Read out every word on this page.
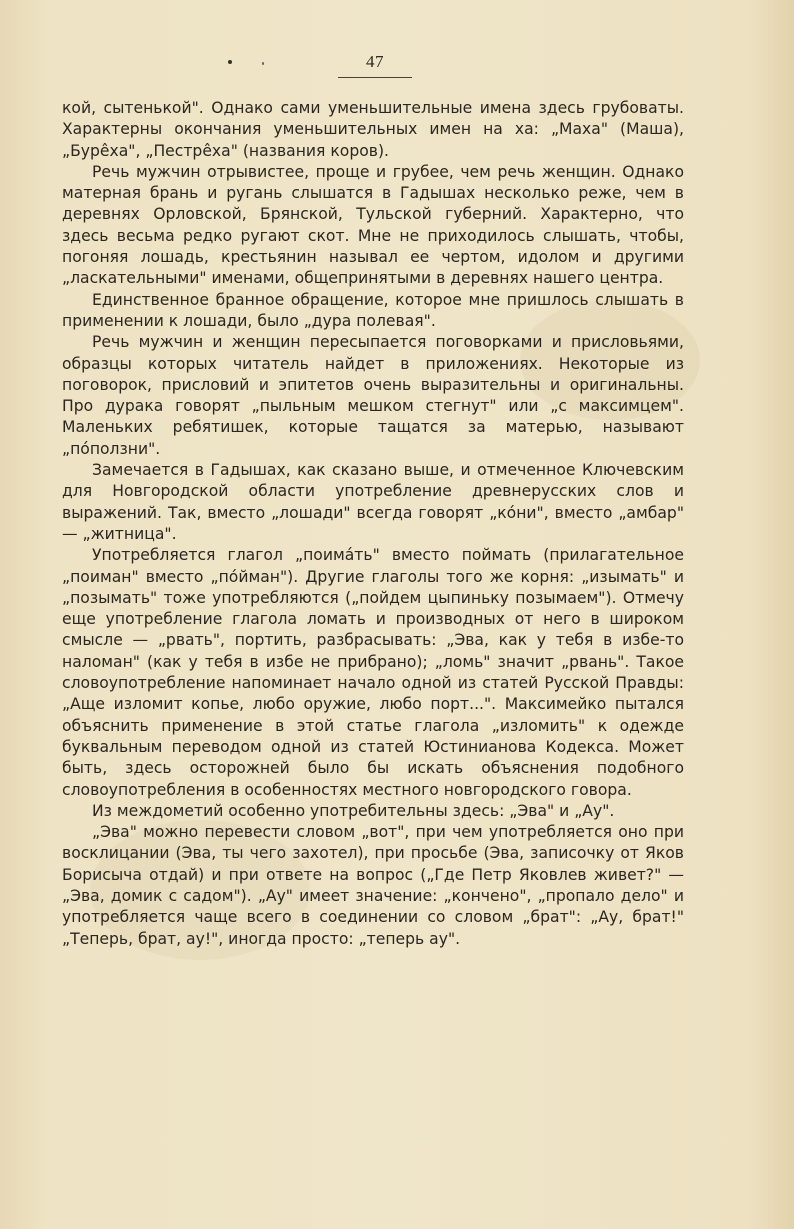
47

кой, сытенькой". Однако сами уменьшительные имена здесь грубоваты. Характерны окончания уменьшительных имен на ха: „Маха" (Маша), „Буре̂ха", „Пестре̂ха" (названия коров).

Речь мужчин отрывистее, проще и грубее, чем речь женщин. Однако матерная брань и ругань слышатся в Гадышах несколько реже, чем в деревнях Орловской, Брянской, Тульской губерний. Характерно, что здесь весьма редко ругают скот. Мне не приходилось слышать, чтобы, погоняя лошадь, крестьянин называл ее чертом, идолом и другими „ласкательными" именами, общепринятыми в деревнях нашего центра.

Единственное бранное обращение, которое мне пришлось слышать в применении к лошади, было „дура полевая".

Речь мужчин и женщин пересыпается поговорками и присловьями, образцы которых читатель найдет в приложениях. Некоторые из поговорок, присловий и эпитетов очень выразительны и оригинальны. Про дурака говорят „пыльным мешком стегнут" или „с максимцем". Маленьких ребятишек, которые тащатся за матерью, называют „по́ползни".

Замечается в Гадышах, как сказано выше, и отмеченное Ключевским для Новгородской области употребление древнерусских слов и выражений. Так, вместо „лошади" всегда говорят „ко́ни", вместо „амбар" — „житница".

Употребляется глагол „поима́ть" вместо поймать (прилагательное „поиман" вместо „по́йман"). Другие глаголы того же корня: „изымать" и „позымать" тоже употребляются („пойдем цыпиньку позымаем"). Отмечу еще употребление глагола ломать и производных от него в широком смысле — „рвать", портить, разбрасывать: „Эва, как у тебя в избе-то наломан" (как у тебя в избе не прибрано); „ломь" значит „рвань". Такое словоупотребление напоминает начало одной из статей Русской Правды: „Аще изломит копье, любо оружие, любо порт...". Максимейко пытался объяснить применение в этой статье глагола „изломить" к одежде буквальным переводом одной из статей Юстинианова Кодекса. Может быть, здесь осторожней было бы искать объяснения подобного словоупотребления в особенностях местного новгородского говора.

Из междометий особенно употребительны здесь: „Эва" и „Ау".

„Эва" можно перевести словом „вот", при чем употребляется оно при восклицании (Эва, ты чего захотел), при просьбе (Эва, записочку от Яков Борисыча отдай) и при ответе на вопрос („Где Петр Яковлев живет?" — „Эва, домик с садом"). „Ау" имеет значение: „кончено", „пропало дело" и употребляется чаще всего в соединении со словом „брат": „Ау, брат!" „Теперь, брат, ау!", иногда просто: „теперь ау".
